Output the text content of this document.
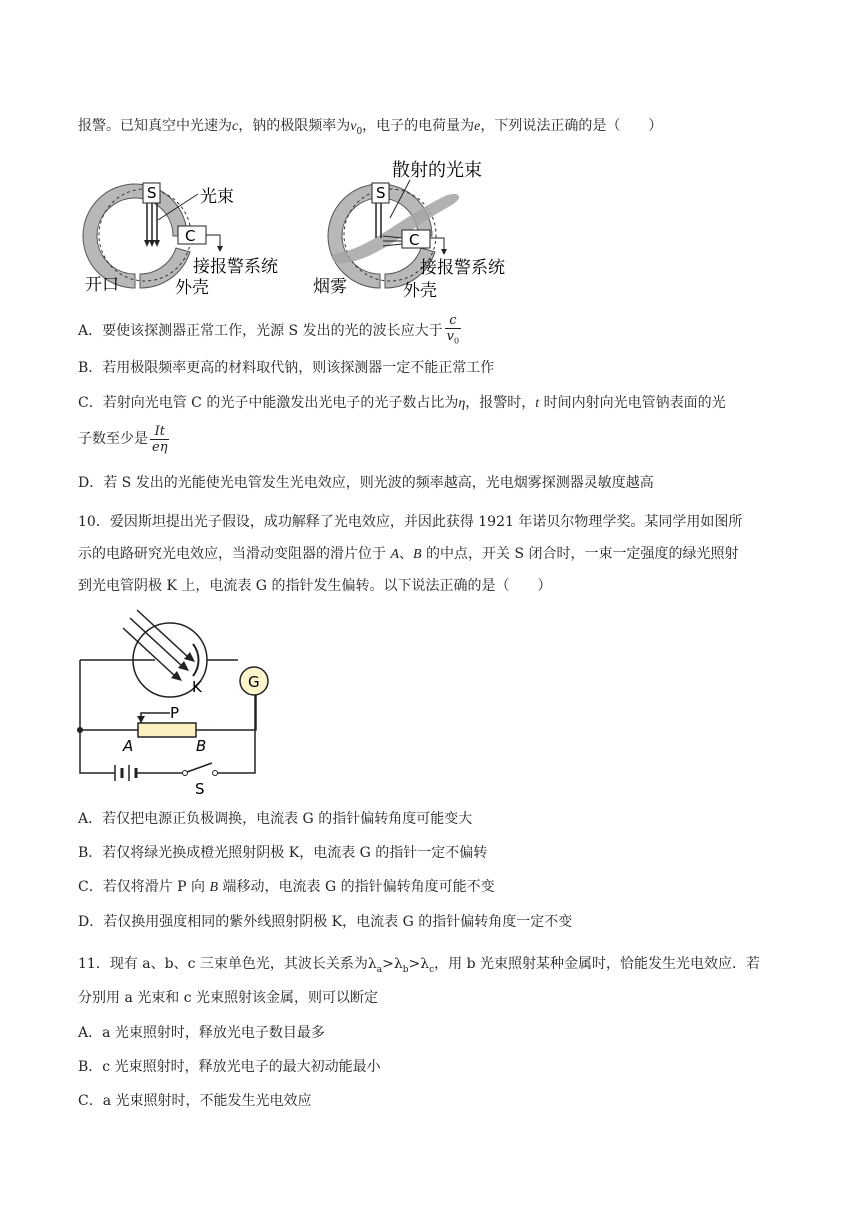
报警。已知真空中光速为c，钠的极限频率为$v_0$，电子的电荷量为e，下列说法正确的是（　　）
S	光束
C
接报警系统
开口	外壳
S
散射的光束
C
接报警系统
烟雾	外壳
A．要使该探测器正常工作，光源 S 发出的光的波长应大于 $\frac{c}{v_0}$
B．若用极限频率更高的材料取代钠，则该探测器一定不能正常工作
C．若射向光电管 C 的光子中能激发出光电子的光子数占比为η，报警时，t 时间内射向光电管钠表面的光
子数至少是 $\frac{It}{e\eta}$
D．若 S 发出的光能使光电管发生光电效应，则光波的频率越高，光电烟雾探测器灵敏度越高
10．爱因斯坦提出光子假设，成功解释了光电效应，并因此获得 1921 年诺贝尔物理学奖。某同学用如图所
示的电路研究光电效应，当滑动变阻器的滑片位于 A、B 的中点，开关 S 闭合时，一束一定强度的绿光照射
到光电管阴极 K 上，电流表 G 的指针发生偏转。以下说法正确的是（　　）
K	G
P
A	B
S
A．若仅把电源正负极调换，电流表 G 的指针偏转角度可能变大
B．若仅将绿光换成橙光照射阴极 K，电流表 G 的指针一定不偏转
C．若仅将滑片 P 向 B 端移动，电流表 G 的指针偏转角度可能不变
D．若仅换用强度相同的紫外线照射阴极 K，电流表 G 的指针偏转角度一定不变
11．现有 a、b、c 三束单色光，其波长关系为$\lambda_a>\lambda_b>\lambda_c$，用 b 光束照射某种金属时，恰能发生光电效应．若
分别用 a 光束和 c 光束照射该金属，则可以断定
A．a 光束照射时，释放光电子数目最多
B．c 光束照射时，释放光电子的最大初动能最小
C．a 光束照射时，不能发生光电效应
